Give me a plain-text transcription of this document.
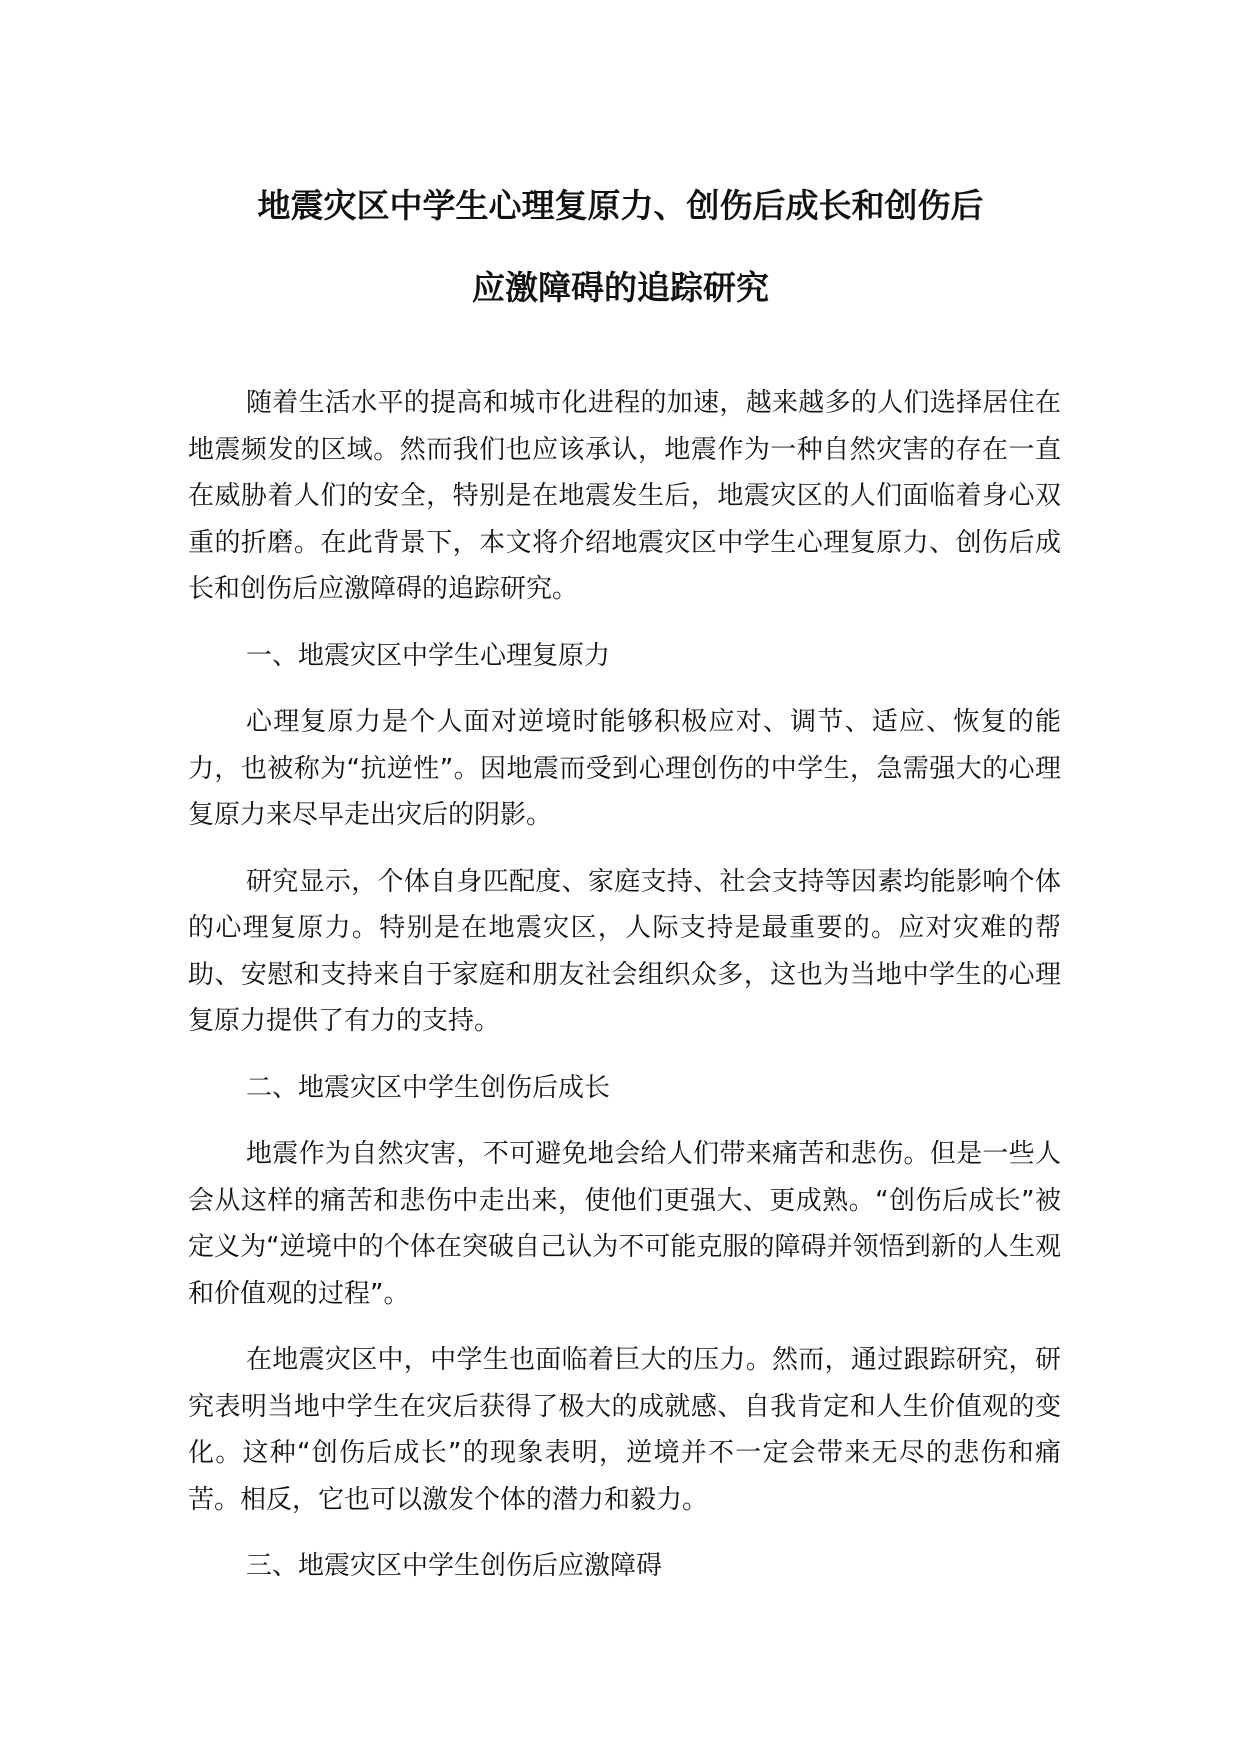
地震灾区中学生心理复原力、创伤后成长和创伤后
应激障碍的追踪研究

随着生活水平的提高和城市化进程的加速，越来越多的人们选择居住在地震频发的区域。然而我们也应该承认，地震作为一种自然灾害的存在一直在威胁着人们的安全，特别是在地震发生后，地震灾区的人们面临着身心双重的折磨。在此背景下，本文将介绍地震灾区中学生心理复原力、创伤后成长和创伤后应激障碍的追踪研究。

一、地震灾区中学生心理复原力

心理复原力是个人面对逆境时能够积极应对、调节、适应、恢复的能力，也被称为“抗逆性”。因地震而受到心理创伤的中学生，急需强大的心理复原力来尽早走出灾后的阴影。

研究显示，个体自身匹配度、家庭支持、社会支持等因素均能影响个体的心理复原力。特别是在地震灾区，人际支持是最重要的。应对灾难的帮助、安慰和支持来自于家庭和朋友社会组织众多，这也为当地中学生的心理复原力提供了有力的支持。

二、地震灾区中学生创伤后成长

地震作为自然灾害，不可避免地会给人们带来痛苦和悲伤。但是一些人会从这样的痛苦和悲伤中走出来，使他们更强大、更成熟。“创伤后成长”被定义为“逆境中的个体在突破自己认为不可能克服的障碍并领悟到新的人生观和价值观的过程”。

在地震灾区中，中学生也面临着巨大的压力。然而，通过跟踪研究，研究表明当地中学生在灾后获得了极大的成就感、自我肯定和人生价值观的变化。这种“创伤后成长”的现象表明，逆境并不一定会带来无尽的悲伤和痛苦。相反，它也可以激发个体的潜力和毅力。

三、地震灾区中学生创伤后应激障碍
